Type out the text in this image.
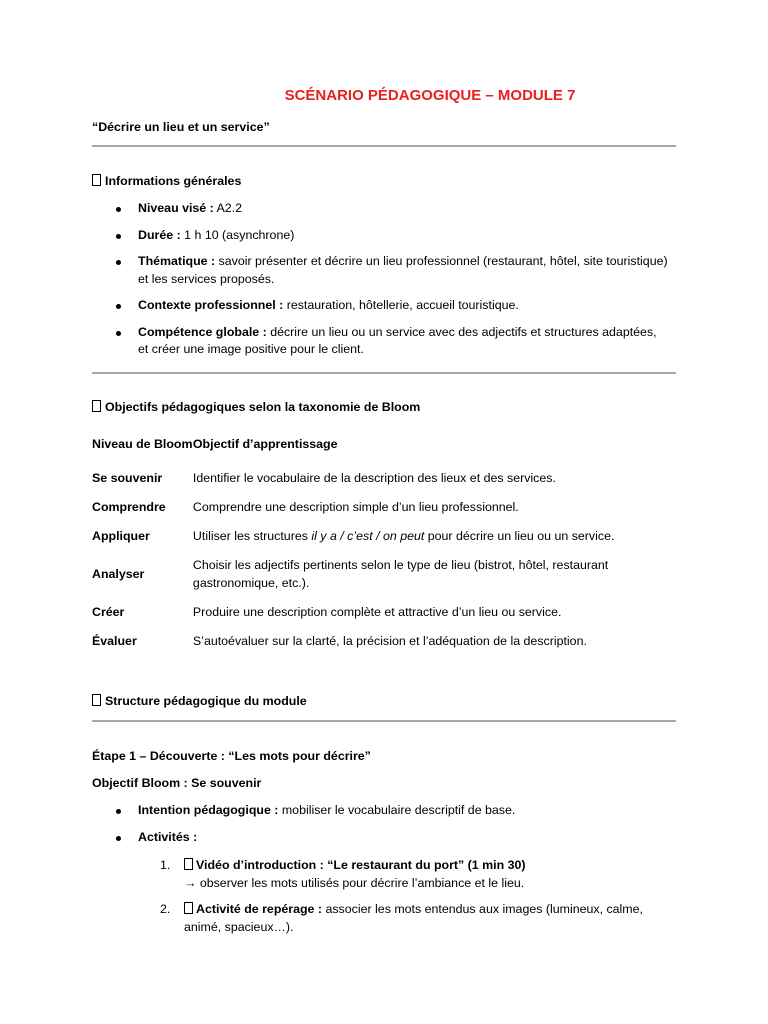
SCÉNARIO PÉDAGOGIQUE – MODULE 7
“Décrire un lieu et un service”
Informations générales
Niveau visé : A2.2
Durée : 1 h 10 (asynchrone)
Thématique : savoir présenter et décrire un lieu professionnel (restaurant, hôtel, site touristique) et les services proposés.
Contexte professionnel : restauration, hôtellerie, accueil touristique.
Compétence globale : décrire un lieu ou un service avec des adjectifs et structures adaptées, et créer une image positive pour le client.
Objectifs pédagogiques selon la taxonomie de Bloom
Niveau de Bloom	Objectif d’apprentissage
Se souvenir	Identifier le vocabulaire de la description des lieux et des services.
Comprendre	Comprendre une description simple d’un lieu professionnel.
Appliquer	Utiliser les structures il y a / c’est / on peut pour décrire un lieu ou un service.
Analyser	Choisir les adjectifs pertinents selon le type de lieu (bistrot, hôtel, restaurant gastronomique, etc.).
Créer	Produire une description complète et attractive d’un lieu ou service.
Évaluer	S’autoévaluer sur la clarté, la précision et l’adéquation de la description.
Structure pédagogique du module
Étape 1 – Découverte : “Les mots pour décrire”
Objectif Bloom : Se souvenir
Intention pédagogique : mobiliser le vocabulaire descriptif de base.
Activités :
1. Vidéo d’introduction : “Le restaurant du port” (1 min 30)
→ observer les mots utilisés pour décrire l’ambiance et le lieu.
2. Activité de repérage : associer les mots entendus aux images (lumineux, calme, animé, spacieux…).
